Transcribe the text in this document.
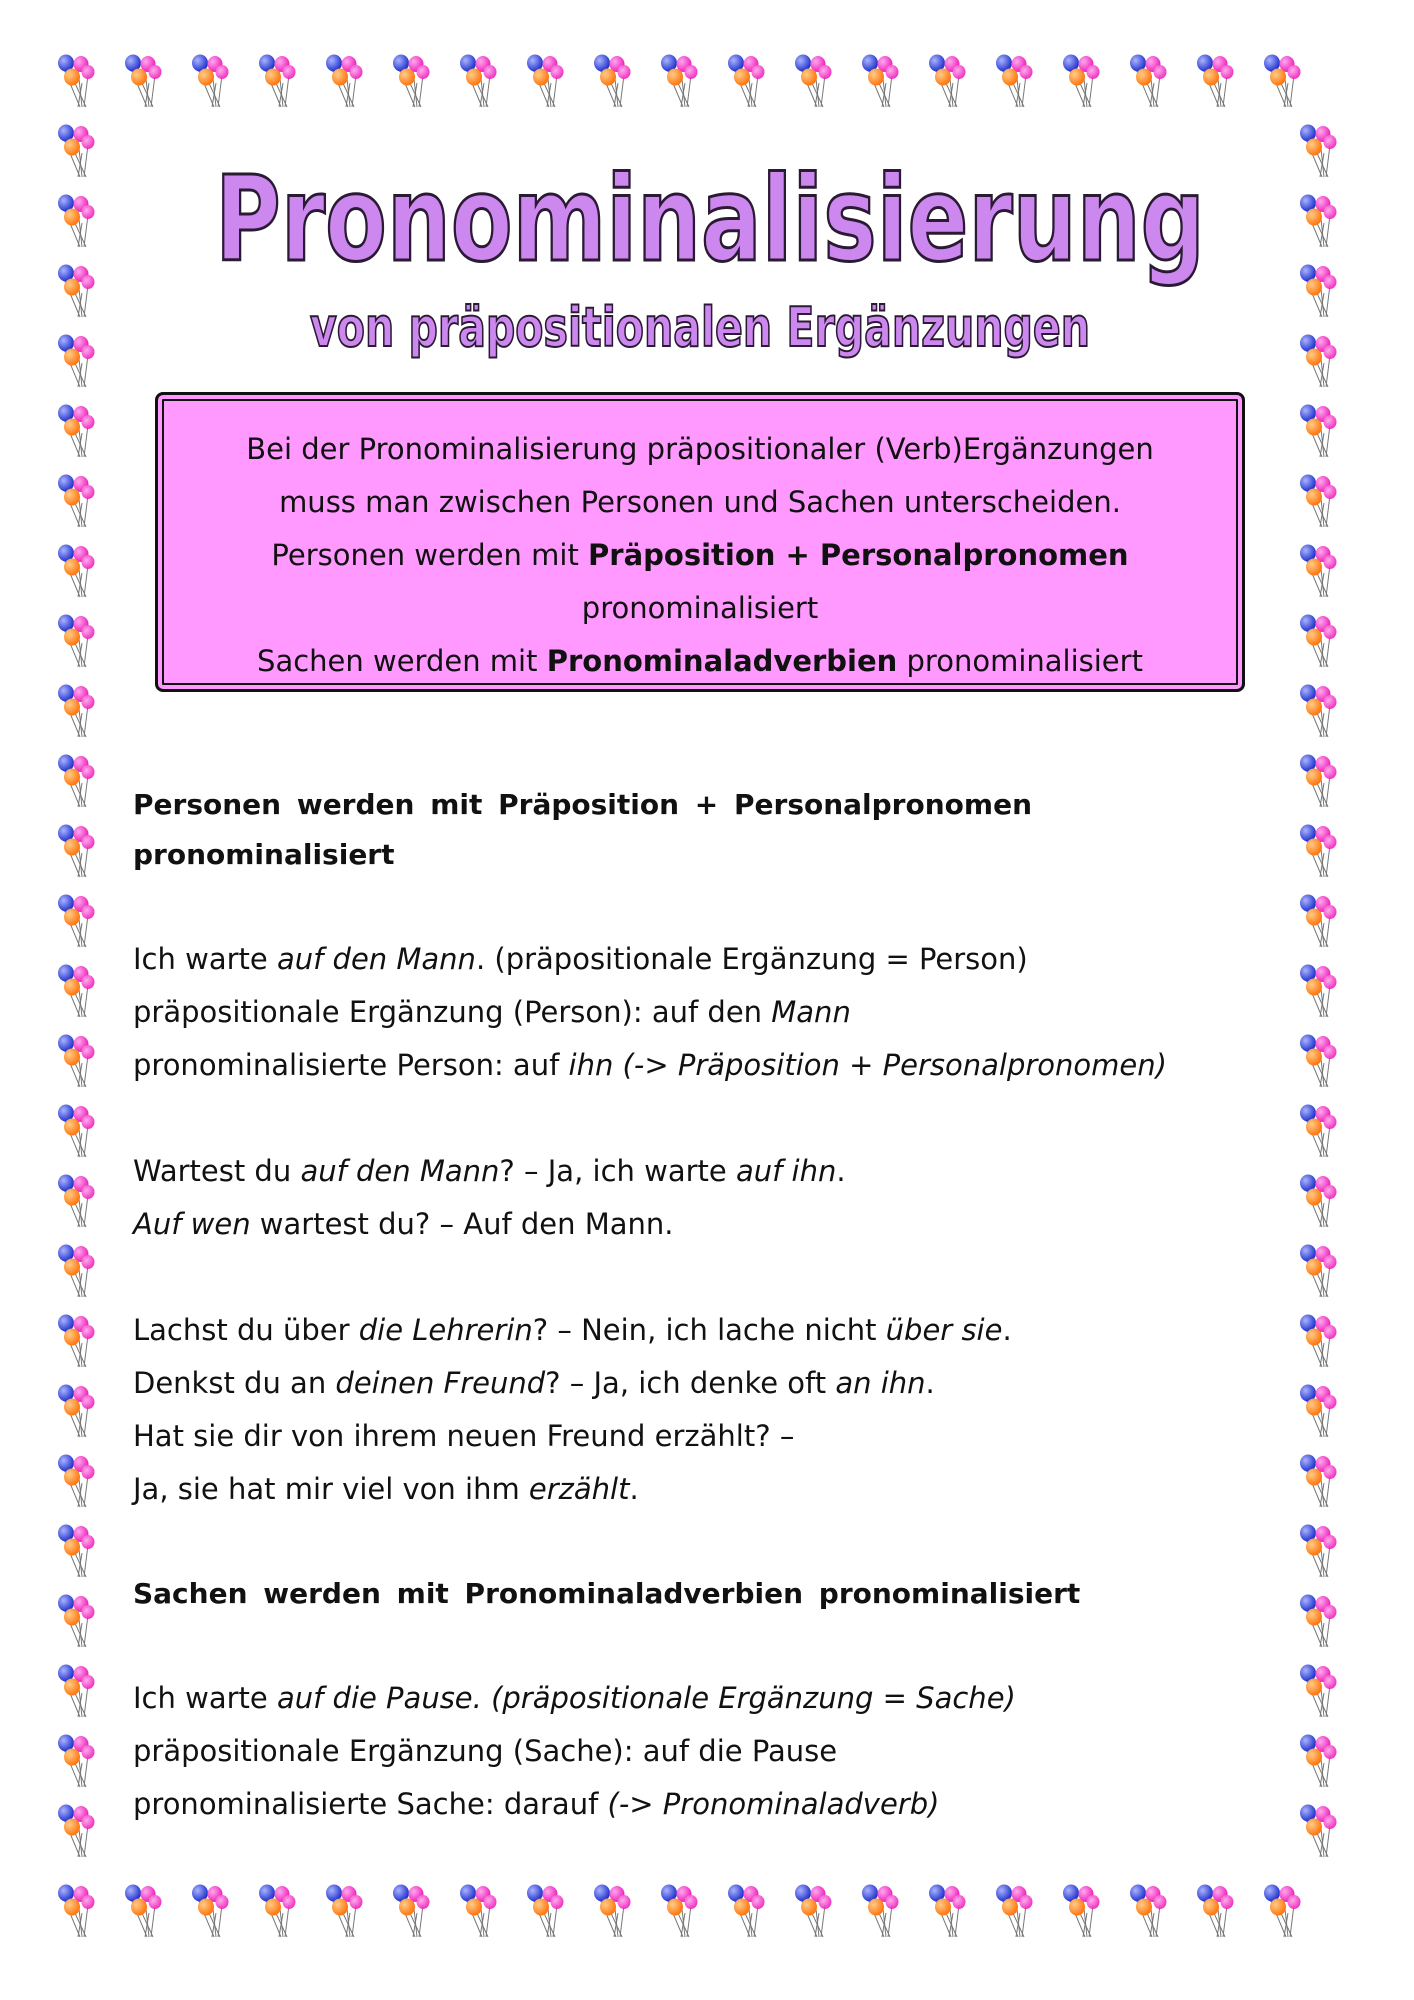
Pronominalisierung
von präpositionalen Ergänzungen
Bei der Pronominalisierung präpositionaler (Verb)Ergänzungen
muss man zwischen Personen und Sachen unterscheiden.
Personen werden mit Präposition + Personalpronomen
pronominalisiert
Sachen werden mit Pronominaladverbien pronominalisiert

Personen werden mit Präposition + Personalpronomen pronominalisiert

Ich warte auf den Mann. (präpositionale Ergänzung = Person)

präpositionale Ergänzung (Person): auf den Mann

pronominalisierte Person: auf ihn (-> Präposition + Personalpronomen)

Wartest du auf den Mann? – Ja, ich warte auf ihn.

Auf wen wartest du? – Auf den Mann.

Lachst du über die Lehrerin? – Nein, ich lache nicht über sie.

Denkst du an deinen Freund? – Ja, ich denke oft an ihn.

Hat sie dir von ihrem neuen Freund erzählt? –

Ja, sie hat mir viel von ihm erzählt.

Sachen werden mit Pronominaladverbien pronominalisiert

Ich warte auf die Pause. (präpositionale Ergänzung = Sache)

präpositionale Ergänzung (Sache): auf die Pause

pronominalisierte Sache: darauf (-> Pronominaladverb)
